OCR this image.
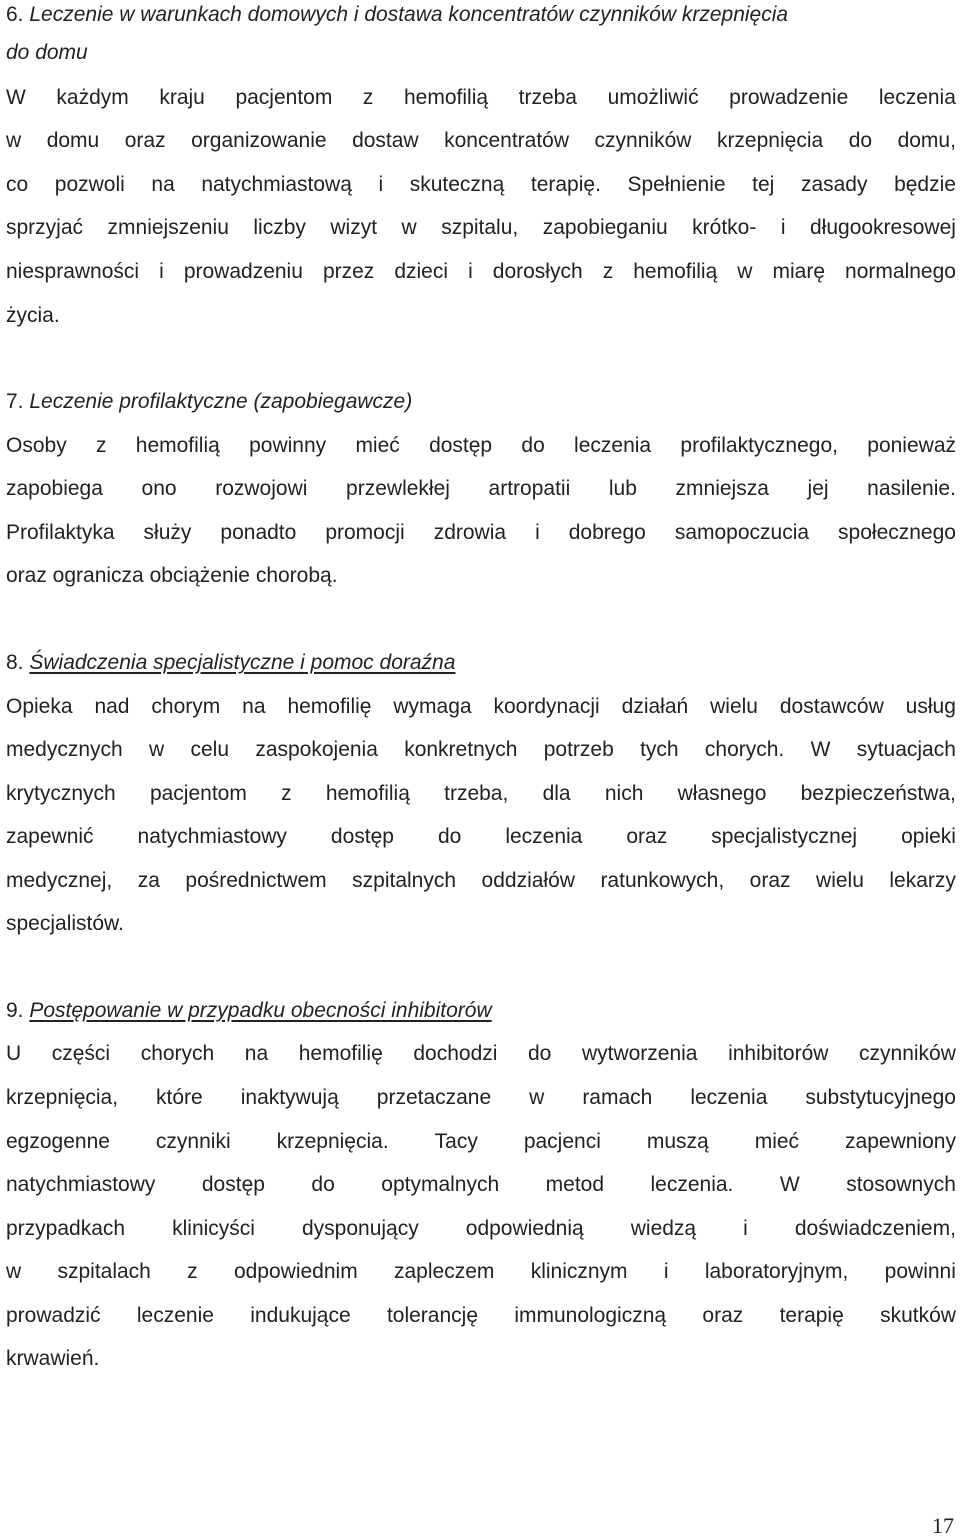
6.
Leczenie w warunkach domowych i dostawa koncentratów czynników krzepnięcia
do domu
W każdym kraju pacjentom z hemofilią trzeba umożliwić prowadzenie leczenia
w domu oraz organizowanie dostaw koncentratów czynników krzepnięcia do domu,
co pozwoli na natychmiastową i skuteczną terapię. Spełnienie tej zasady będzie
sprzyjać zmniejszeniu liczby wizyt w szpitalu, zapobieganiu krótko- i długookresowej
niesprawności i prowadzeniu przez dzieci i dorosłych z hemofilią w miarę normalnego
życia.
7.
Leczenie profilaktyczne (zapobiegawcze)
Osoby z hemofilią powinny mieć dostęp do leczenia profilaktycznego, ponieważ
zapobiega ono rozwojowi przewlekłej artropatii lub zmniejsza jej nasilenie.
Profilaktyka służy ponadto promocji zdrowia i dobrego samopoczucia społecznego
oraz ogranicza obciążenie chorobą.
8.
Świadczenia specjalistyczne i pomoc doraźna
Opieka nad chorym na hemofilię wymaga koordynacji działań wielu dostawców usług
medycznych w celu zaspokojenia konkretnych potrzeb tych chorych. W sytuacjach
krytycznych pacjentom z hemofilią trzeba, dla nich własnego bezpieczeństwa,
zapewnić natychmiastowy dostęp do leczenia oraz specjalistycznej opieki
medycznej, za pośrednictwem szpitalnych oddziałów ratunkowych, oraz wielu lekarzy
specjalistów.
9.
Postępowanie w przypadku obecności inhibitorów
U części chorych na hemofilię dochodzi do wytworzenia inhibitorów czynników
krzepnięcia, które inaktywują przetaczane w ramach leczenia substytucyjnego
egzogenne czynniki krzepnięcia. Tacy pacjenci muszą mieć zapewniony
natychmiastowy dostęp do optymalnych metod leczenia. W stosownych
przypadkach klinicyści dysponujący odpowiednią wiedzą i doświadczeniem,
w szpitalach z odpowiednim zapleczem klinicznym i laboratoryjnym, powinni
prowadzić leczenie indukujące tolerancję immunologiczną oraz terapię skutków
krwawień.
17
